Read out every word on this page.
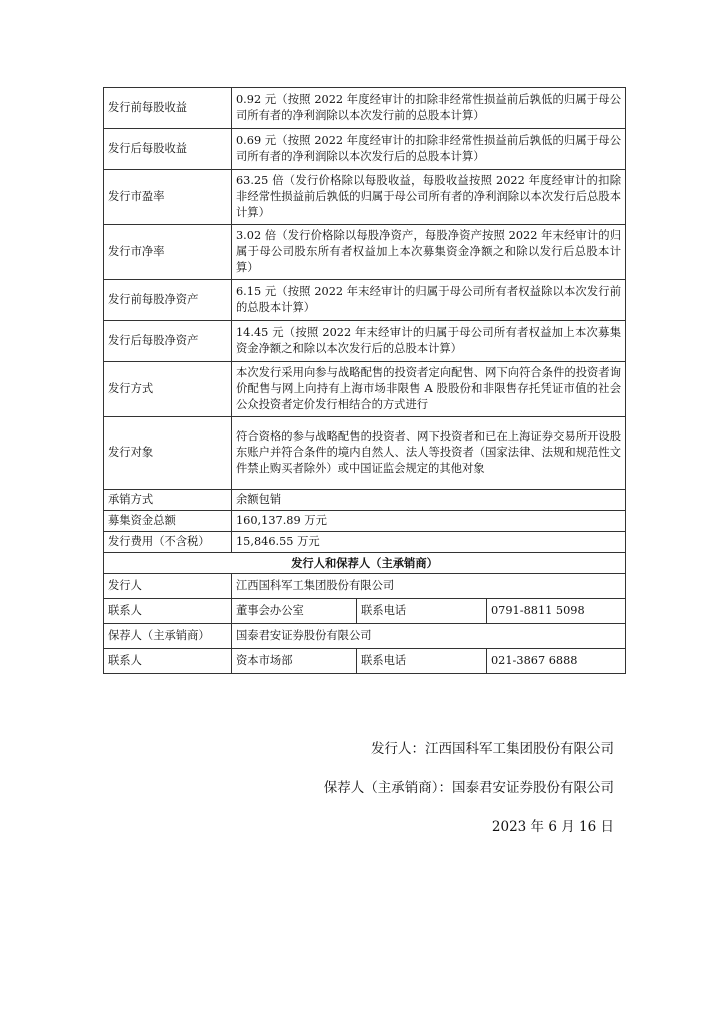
发行前每股收益	0.92 元（按照 2022 年度经审计的扣除非经常性损益前后孰低的归属于母公司所有者的净利润除以本次发行前的总股本计算）		
发行后每股收益	0.69 元（按照 2022 年度经审计的扣除非经常性损益前后孰低的归属于母公司所有者的净利润除以本次发行后的总股本计算）		
发行市盈率	63.25 倍（发行价格除以每股收益，每股收益按照 2022 年度经审计的扣除非经常性损益前后孰低的归属于母公司所有者的净利润除以本次发行后总股本计算）		
发行市净率	3.02 倍（发行价格除以每股净资产，每股净资产按照 2022 年末经审计的归属于母公司股东所有者权益加上本次募集资金净额之和除以发行后总股本计算）		
发行前每股净资产	6.15 元（按照 2022 年末经审计的归属于母公司所有者权益除以本次发行前的总股本计算）		
发行后每股净资产	14.45 元（按照 2022 年末经审计的归属于母公司所有者权益加上本次募集资金净额之和除以本次发行后的总股本计算）		
发行方式	本次发行采用向参与战略配售的投资者定向配售、网下向符合条件的投资者询价配售与网上向持有上海市场非限售 A 股股份和非限售存托凭证市值的社会公众投资者定价发行相结合的方式进行		
发行对象	符合资格的参与战略配售的投资者、网下投资者和已在上海证券交易所开设股东账户并符合条件的境内自然人、法人等投资者（国家法律、法规和规范性文件禁止购买者除外）或中国证监会规定的其他对象		
承销方式	余额包销		
募集资金总额	160,137.89 万元		
发行费用（不含税）	15,846.55 万元		
发行人和保荐人（主承销商）			
发行人	江西国科军工集团股份有限公司		
联系人	董事会办公室	联系电话	0791-8811 5098
保荐人（主承销商）	国泰君安证券股份有限公司		
联系人	资本市场部	联系电话	021-3867 6888
发行人：江西国科军工集团股份有限公司
保荐人（主承销商）：国泰君安证券股份有限公司
2023 年 6 月 16 日
